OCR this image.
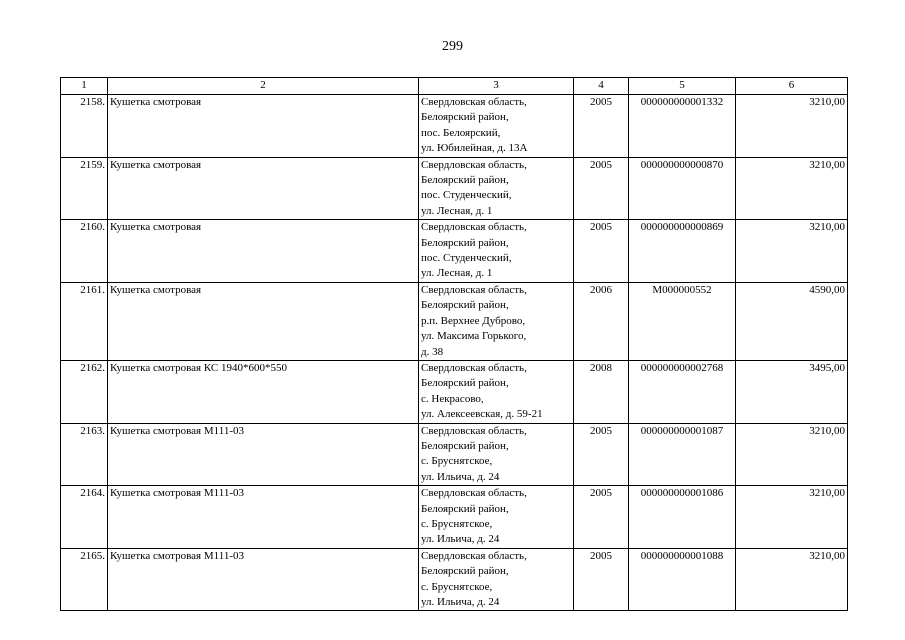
299
1	2	3	4	5	6
2158.	Кушетка смотровая	Свердловская область,
Белоярский район,
пос. Белоярский,
ул. Юбилейная, д. 13А	2005	000000000001332	3210,00
2159.	Кушетка смотровая	Свердловская область,
Белоярский район,
пос. Студенческий,
ул. Лесная, д. 1	2005	000000000000870	3210,00
2160.	Кушетка смотровая	Свердловская область,
Белоярский район,
пос. Студенческий,
ул. Лесная, д. 1	2005	000000000000869	3210,00
2161.	Кушетка смотровая	Свердловская область,
Белоярский район,
р.п. Верхнее Дуброво,
ул. Максима Горького,
д. 38	2006	М000000552	4590,00
2162.	Кушетка смотровая КС 1940*600*550	Свердловская область,
Белоярский район,
с. Некрасово,
ул. Алексеевская, д. 59-21	2008	000000000002768	3495,00
2163.	Кушетка смотровая М111-03	Свердловская область,
Белоярский район,
с. Бруснятское,
ул. Ильича, д. 24	2005	000000000001087	3210,00
2164.	Кушетка смотровая М111-03	Свердловская область,
Белоярский район,
с. Бруснятское,
ул. Ильича, д. 24	2005	000000000001086	3210,00
2165.	Кушетка смотровая М111-03	Свердловская область,
Белоярский район,
с. Бруснятское,
ул. Ильича, д. 24	2005	000000000001088	3210,00
